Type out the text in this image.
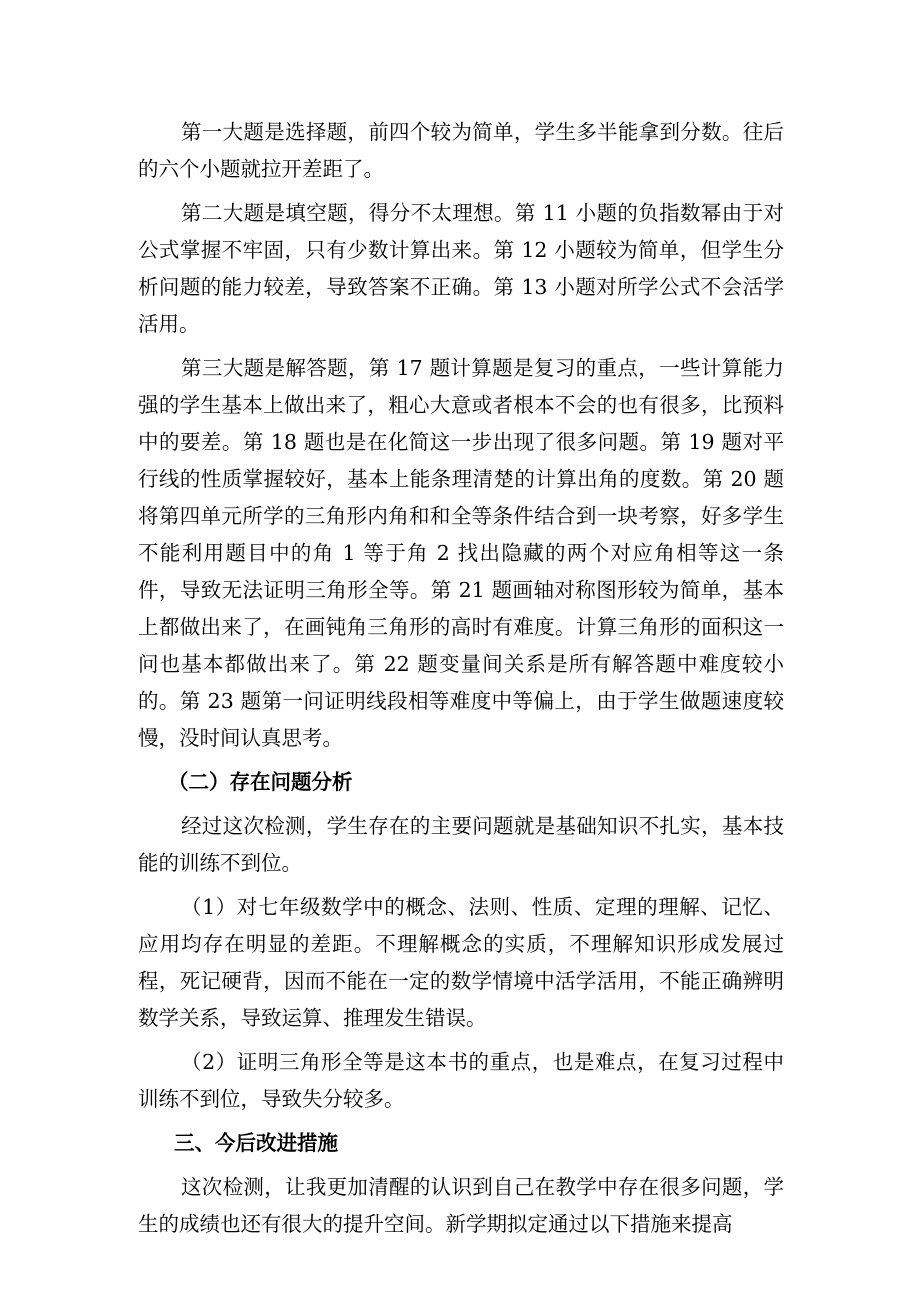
第一大题是选择题，前四个较为简单，学生多半能拿到分数。往后的六个小题就拉开差距了。

第二大题是填空题，得分不太理想。第 11 小题的负指数幂由于对公式掌握不牢固，只有少数计算出来。第 12 小题较为简单，但学生分析问题的能力较差，导致答案不正确。第 13 小题对所学公式不会活学活用。

第三大题是解答题，第 17 题计算题是复习的重点，一些计算能力强的学生基本上做出来了，粗心大意或者根本不会的也有很多，比预料中的要差。第 18 题也是在化简这一步出现了很多问题。第 19 题对平行线的性质掌握较好，基本上能条理清楚的计算出角的度数。第 20 题将第四单元所学的三角形内角和和全等条件结合到一块考察，好多学生不能利用题目中的角 1 等于角 2 找出隐藏的两个对应角相等这一条件，导致无法证明三角形全等。第 21 题画轴对称图形较为简单，基本上都做出来了，在画钝角三角形的高时有难度。计算三角形的面积这一问也基本都做出来了。第 22 题变量间关系是所有解答题中难度较小的。第 23 题第一问证明线段相等难度中等偏上，由于学生做题速度较慢，没时间认真思考。

（二）存在问题分析

经过这次检测，学生存在的主要问题就是基础知识不扎实，基本技能的训练不到位。

（1）对七年级数学中的概念、法则、性质、定理的理解、记忆、应用均存在明显的差距。不理解概念的实质，不理解知识形成发展过程，死记硬背，因而不能在一定的数学情境中活学活用，不能正确辨明数学关系，导致运算、推理发生错误。

（2）证明三角形全等是这本书的重点，也是难点，在复习过程中训练不到位，导致失分较多。

三、今后改进措施

这次检测，让我更加清醒的认识到自己在教学中存在很多问题，学生的成绩也还有很大的提升空间。新学期拟定通过以下措施来提高
